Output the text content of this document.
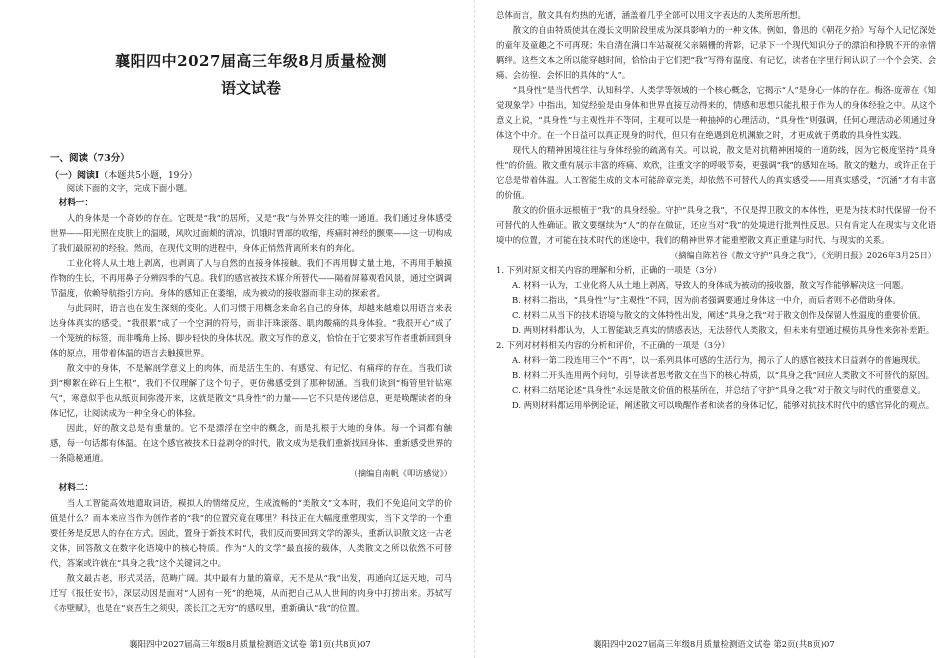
襄阳四中2027届高三年级8月质量检测
语文试卷
一、阅读（73分）
（一）阅读I（本题共5小题，19分）

阅读下面的文字，完成下面小题。

材料一：

人的身体是一个奇妙的存在。它既是“我”的居所，又是“我”与外界交往的唯一通道。我们通过身体感受世界——阳光照在皮肤上的温暖，风吹过面颊的清凉，饥饿时胃部的收缩，疼痛时神经的颤栗——这一切构成了我们最原初的经验。然而，在现代文明的进程中，身体正悄然背离所来有的奔化。

工业化将人从土地上剥离，也剥离了人与自然的直接身体接触。我们不再用脚丈量土地，不再用手触摸作物的生长，不再用鼻子分辨四季的气息。我们的感官被技术媒介所替代——隔着屏幕观看风景，通过空调调节温度，依赖导航指引方向。身体的感知正在萎缩，成为被动的接收器而非主动的探索者。

与此同时，语言也在发生深刻的变化。人们习惯于用概念来命名自己的身体，却越来越难以用语言来表达身体真实的感受。“我很累”成了一个空洞的符号，而非汗珠滚落、肌肉酸痛的具身体验。“我很开心”成了一个笼统的标签，而非嘴角上扬、脚步轻快的身体状况。散文写作的意义，恰恰在于它要求写作者重新回到身体的原点，用带着体温的语言去触摸世界。

散文中的身体，不是解剖学意义上的肉体，而是活生生的、有感觉、有记忆、有痛痒的存在。当我们读到“柳絮在碎石上生根”，我们不仅理解了这个句子，更仿佛感受到了那种韧涵。当我们读到“梅管里针钻寒气”，寒意似乎也从纸页间弥漫开来，这就是散文“具身性”的力量——它不只是传递信息，更是唤醒读者的身体记忆，让阅读成为一种全身心的体验。

因此，好的散文总是有重量的。它不是漂浮在空中的概念，而是扎根于大地的身体。每一个词都有触感，每一句话都有体温。在这个感官被技术日益剥夺的时代，散文成为是我们重新找回身体、重新感受世界的一条隐秘通道。

（摘编自南帆《叩访感觉》）

材料二：

当人工智能高效地遣取词语，模拟人的情绪反应，生成流畅的“美散文”文本时，我们不免追问文学的价值是什么？而本来应当作为创作者的“我”的位置究竟在哪里？科技正在大幅度重塑现实，当下文学的一个重要任务是反思人的存在方式。因此，置身于新技术时代，我们反而要回到文学的源头，重新认识散文这一古老文体，回答散文在数字化语境中的核心特质。作为“人的文学”最直接的载体，人类散文之所以依然不可替代，答案或许就在“具身之我”这个关键词之中。

散文最古老，形式灵活，范畴广阔。其中最有力量的篇章，无不是从“我”出发，再通向辽远天地，司马迁写《报任安书》，深层动因是面对“人固有一死”的绝境，从而把自己从人世间的肉身中打捞出来。苏轼写《赤壁赋》，也是在“哀吾生之须臾，羡长江之无穷”的感叹里，重新确认“我”的位置。

总体而言，散文具有灼热的光谱，涵盖着几乎全部可以用文字表达的人类所思所想。

散文的自由特质使其在漫长文明阶段里成为深具影响力的一种文体。例如，鲁迅的《朝花夕拾》写每个人记忆深处的童年及童趣之不可再现；朱自清在满口车站凝视父亲隔栅的背影，记录下一个现代知识分子的漂泊和挣脱不开的亲情羁绊。这些文本之所以能穿越时间，恰恰由于它们把“我”写得有温度、有记忆，读者在字里行间认识了一个个会笑、会痛、会彷徨、会怀旧的具体的“人”。

“具身性”是当代哲学、认知科学、人类学等领域的一个核心概念，它揭示“人”是身心一体的存在。梅洛-庞蒂在《知觉现象学》中指出，知觉经验是由身体和世界直接互动得来的，情感和思想只能扎根于作为人的身体经验之中。从这个意义上说，“具身性”与主观性并不等同，主观可以是一种抽掉的心理活动，“具身性”则强调，任何心理活动必须通过身体这个中介。在一个日益可以真正现身的时代，但只有在绝遇到危机渊旅之时，才更成就于勇敢的具身性实践。

现代人的精神困境往往与身体经验的疏离有关。可以说，散文是对抗精神困境的一道防线，因为它极度坚持“具身性”的价值。散文重有展示丰富的疼痛、欢欣，注重文字的呼吸节奏，更强调“我”的感知在场。散文的魅力，或许正在于它总是带着体温。人工智能生成的文本可能辞章完美，却依然不可替代人的真实感受——用真实感受，“沉涵”才有丰富的价值。

散文的价值永远根植于“我”的具身经验。守护“具身之我”，不仅是捍卫散文的本体性，更是为技术时代保留一份不可替代的人性确证。散文要继续为“人”的存在做证，还应当对“我”的处境进行批判性反思。只有肯定人在现实与文化语境中的位置，才可能在技术时代的迷途中，我们的精神世界才能重塑散文真正重建与时代、与现实的关系。

（摘编自陈若谷《散文守护“具身之我”》，《光明日报》2026年3月25日）

1. 下列对原文相关内容的理解和分析，正确的一项是（3分）

A. 材料一认为，工业化将人从土地上剥离，导致人的身体成为被动的接收器，散文写作能够解决这一问题。

B. 材料二指出，“具身性”与“主观性”不同，因为前者强调要通过身体这一中介，而后者则不必借助身体。

C. 材料二从当下的技术语境与散文的文体特性出发，阐述“具身之我”对于散文创作及保留人性温度的重要价值。

D. 两则材料都认为，人工智能缺乏真实的情感表达，无法替代人类散文，但未来有望通过模仿具身性来弥补差距。

2. 下列对材料相关内容的分析和评价，不正确的一项是（3分）

A. 材料一第二段连用三个“不再”，以一系列具体可感的生活行为，揭示了人的感官被技术日益剥夺的普遍现状。

B. 材料二开头连用两个问句，引导读者思考散文在当下的核心特质，以“具身之我”回应人类散文不可替代的原因。

C. 材料二结尾论述“具身性”永远是散文价值的根基所在，并总结了守护“具身之我”对于散文与时代的重要意义。

D. 两则材料都运用举例论证，阐述散文可以唤醒作者和读者的身体记忆，能够对抗技术时代中的感官异化的观点。

襄阳四中2027届高三年级8月质量检测语文试卷 第1页(共8页)07	襄阳四中2027届高三年级8月质量检测语文试卷 第2页(共8页)07
